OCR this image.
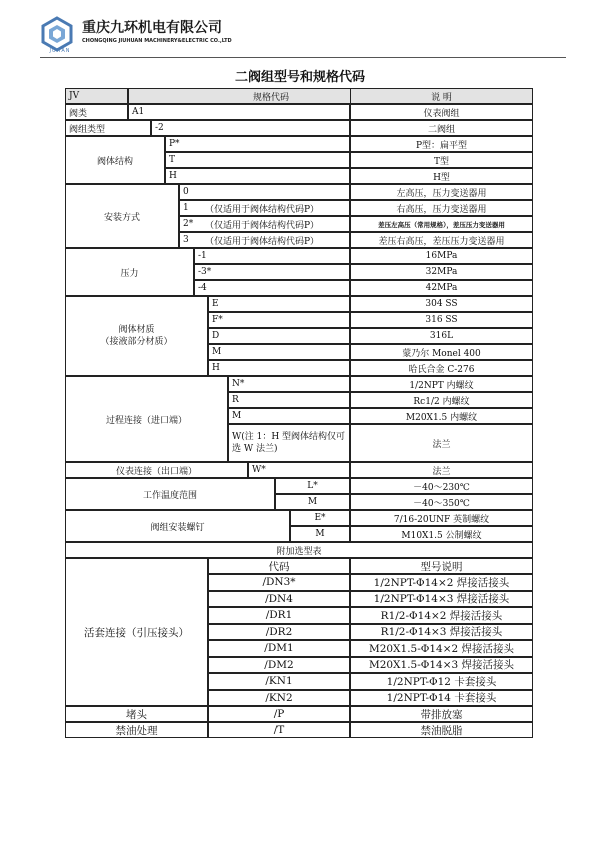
JUHAN
重庆九环机电有限公司
CHONGQING JIUHUAN MACHINERY&ELECTRIC CO.,LTD
二阀组型号和规格代码
JV	规格代码	说 明
阀类	A1	仪表阀组
阀组类型	-2	二阀组
阀体结构
P*	P型：扁平型
T	T型
H	H型
安装方式
0	左高压，压力变送器用
1	（仅适用于阀体结构代码P）	右高压，压力变送器用
2*	（仅适用于阀体结构代码P）	差压左高压（常用规格），差压压力变送器用
3	（仅适用于阀体结构代码P）	差压右高压，差压压力变送器用
压力
-1	16MPa
-3*	32MPa
-4	42MPa
阀体材质
（接液部分材质）
E	304 SS
F*	316 SS
D	316L
M	蒙乃尔 Monel 400
H	哈氏合金 C-276
过程连接（进口端）
N*	1/2NPT 内螺纹
R	Rc1/2 内螺纹
M	M20X1.5 内螺纹
W(注 1：H 型阀体结构仅可选 W 法兰)	法兰
仪表连接（出口端）	W*	法兰
工作温度范围
L*	－40～230℃
M	－40～350℃
阀组安装螺钉
E*	7/16-20UNF 英制螺纹
M	M10X1.5 公制螺纹
附加选型表
活套连接（引压接头）
代码	型号说明
/DN3*	1/2NPT-Φ14×2 焊接活接头
/DN4	1/2NPT-Φ14×3 焊接活接头
/DR1	R1/2-Φ14×2 焊接活接头
/DR2	R1/2-Φ14×3 焊接活接头
/DM1	M20X1.5-Φ14×2 焊接活接头
/DM2	M20X1.5-Φ14×3 焊接活接头
/KN1	1/2NPT-Φ12 卡套接头
/KN2	1/2NPT-Φ14 卡套接头
堵头	/P	带排放塞
禁油处理	/T	禁油脱脂
